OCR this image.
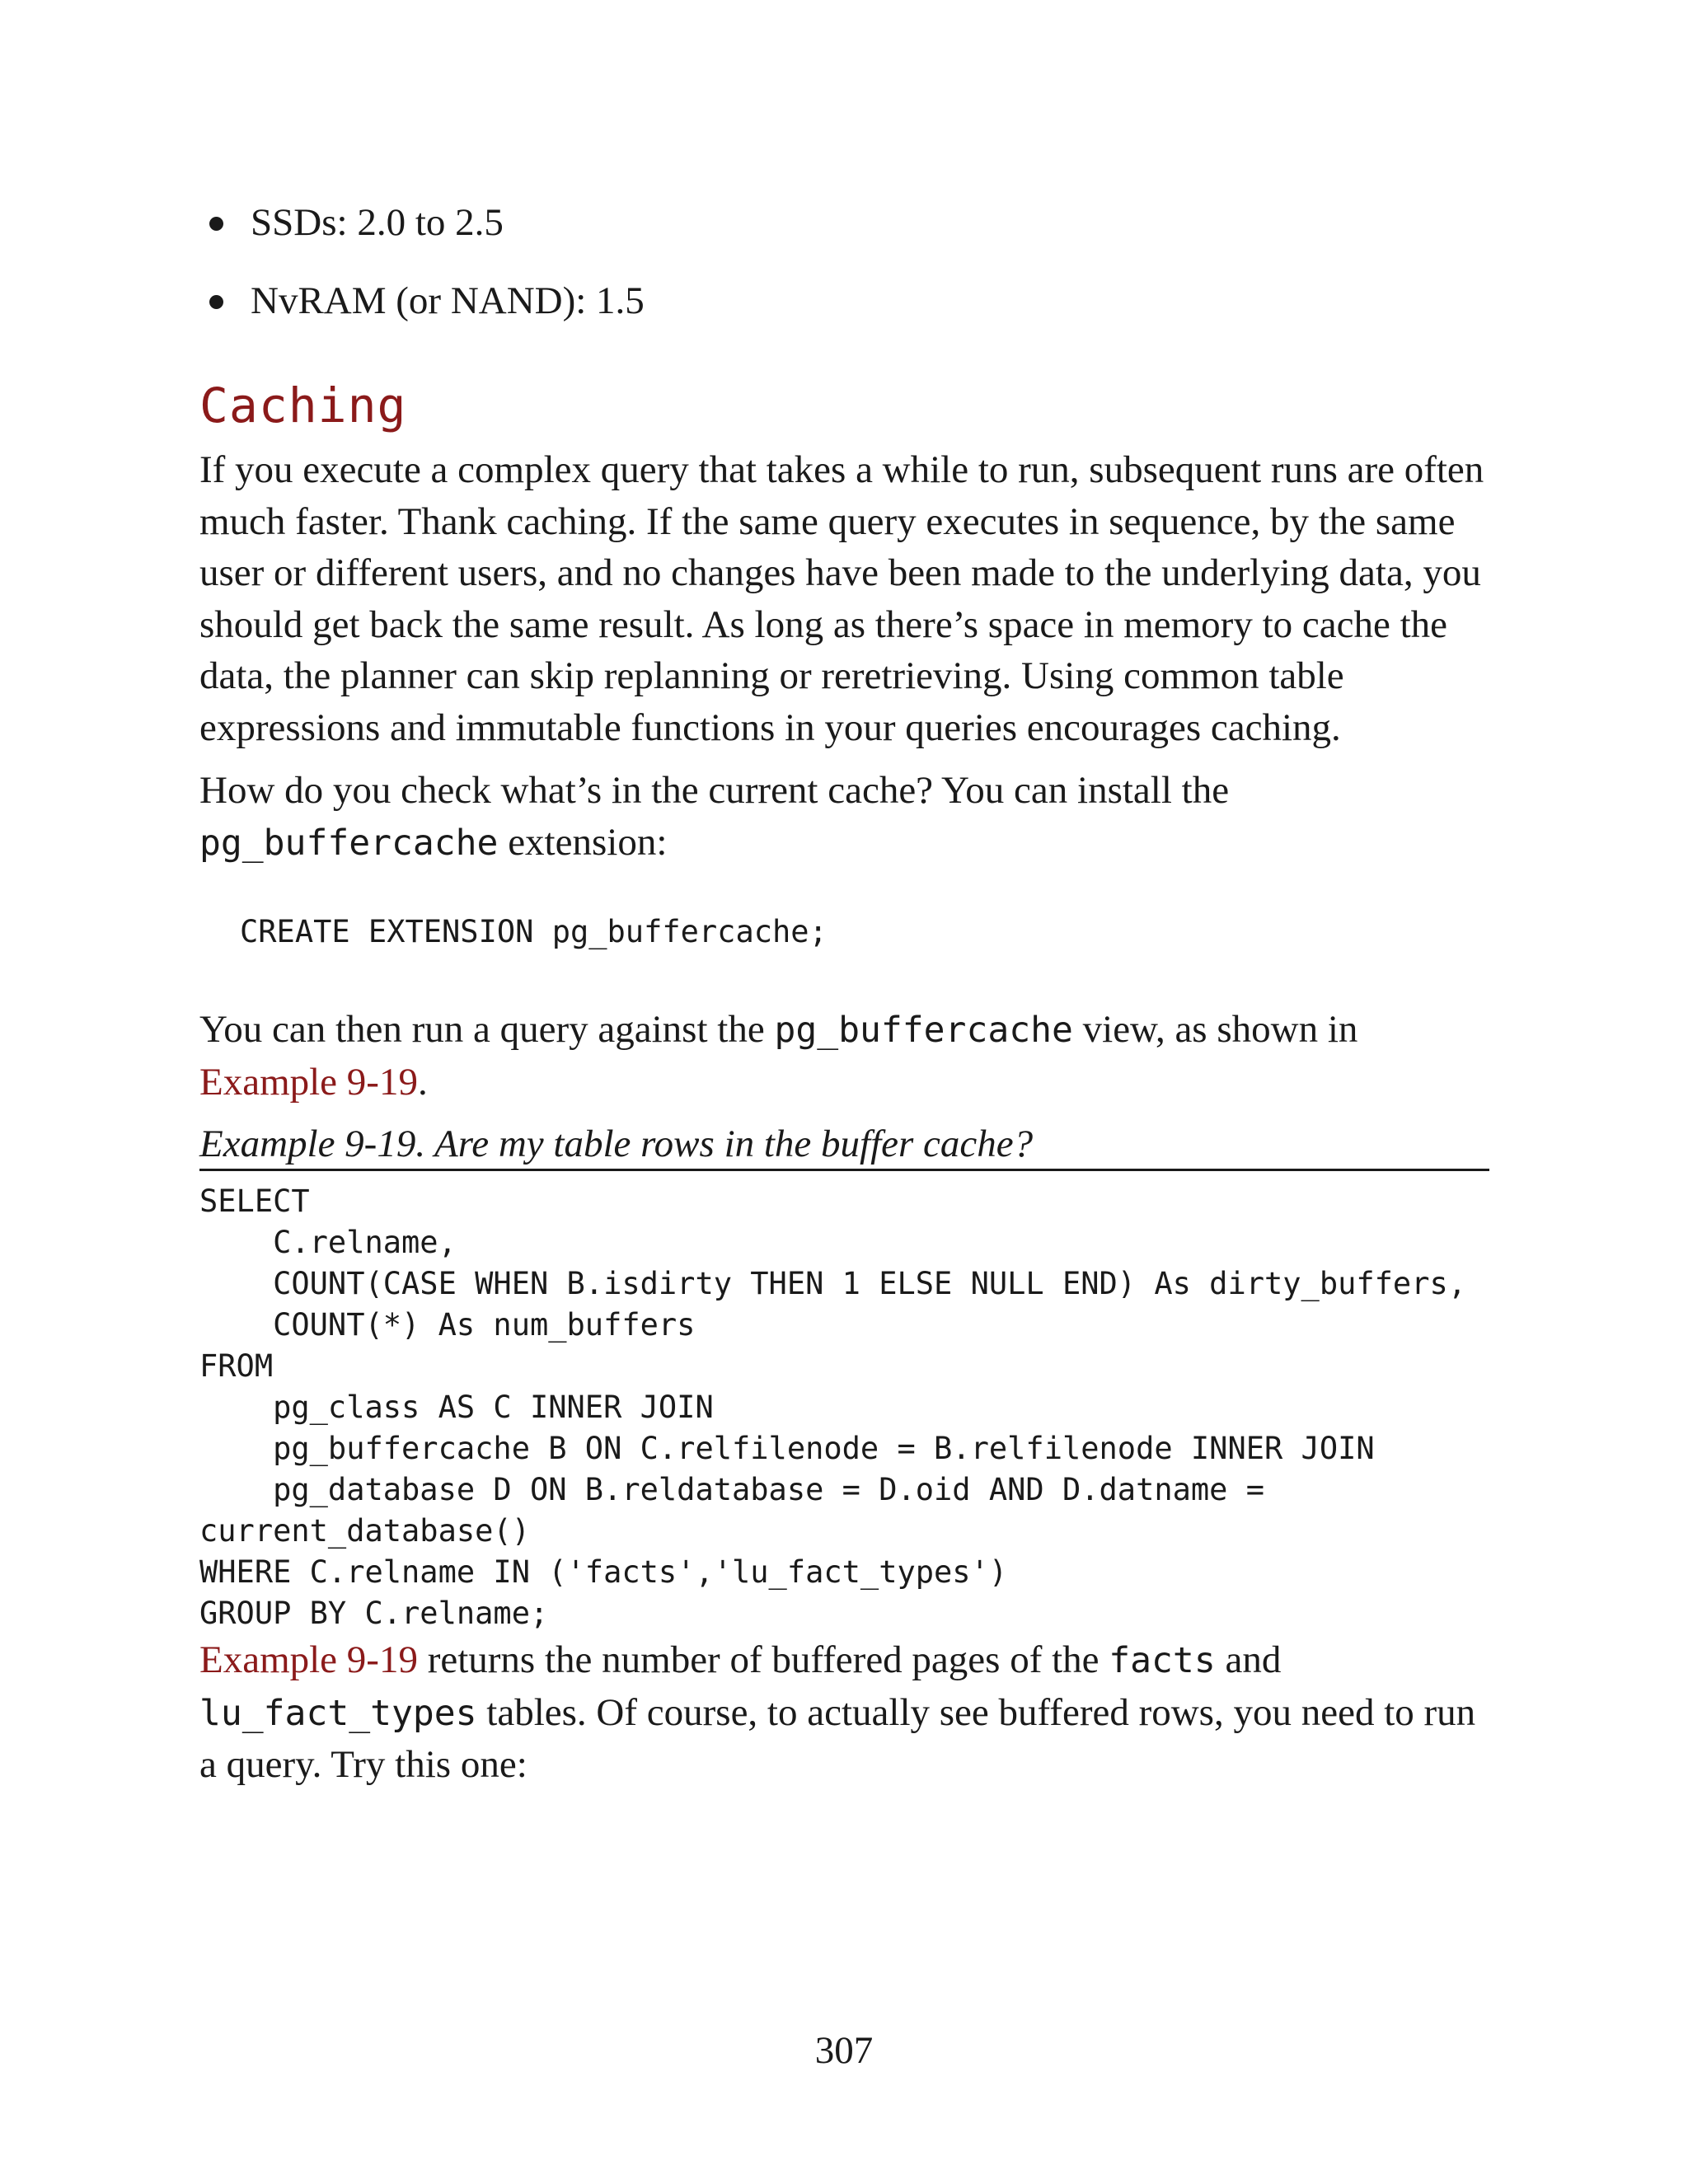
SSDs: 2.0 to 2.5
NvRAM (or NAND): 1.5
Caching

If you execute a complex query that takes a while to run, subsequent runs are often much faster. Thank caching. If the same query executes in sequence, by the same user or different users, and no changes have been made to the underlying data, you should get back the same result. As long as there’s space in memory to cache the data, the planner can skip replanning or reretrieving. Using common table expressions and immutable functions in your queries encourages caching.

How do you check what’s in the current cache? You can install the pg_buffercache extension:

CREATE EXTENSION pg_buffercache;

You can then run a query against the pg_buffercache view, as shown in Example 9-19.

Example 9-19. Are my table rows in the buffer cache?
SELECT
C.relname,
COUNT(CASE WHEN B.isdirty THEN 1 ELSE NULL END) As dirty_buffers,
COUNT(*) As num_buffers
FROM
pg_class AS C INNER JOIN
pg_buffercache B ON C.relfilenode = B.relfilenode INNER JOIN
pg_database D ON B.reldatabase = D.oid AND D.datname =
current_database()
WHERE C.relname IN ('facts','lu_fact_types')
GROUP BY C.relname;

Example 9-19 returns the number of buffered pages of the facts and lu_fact_types tables. Of course, to actually see buffered rows, you need to run a query. Try this one:

307
